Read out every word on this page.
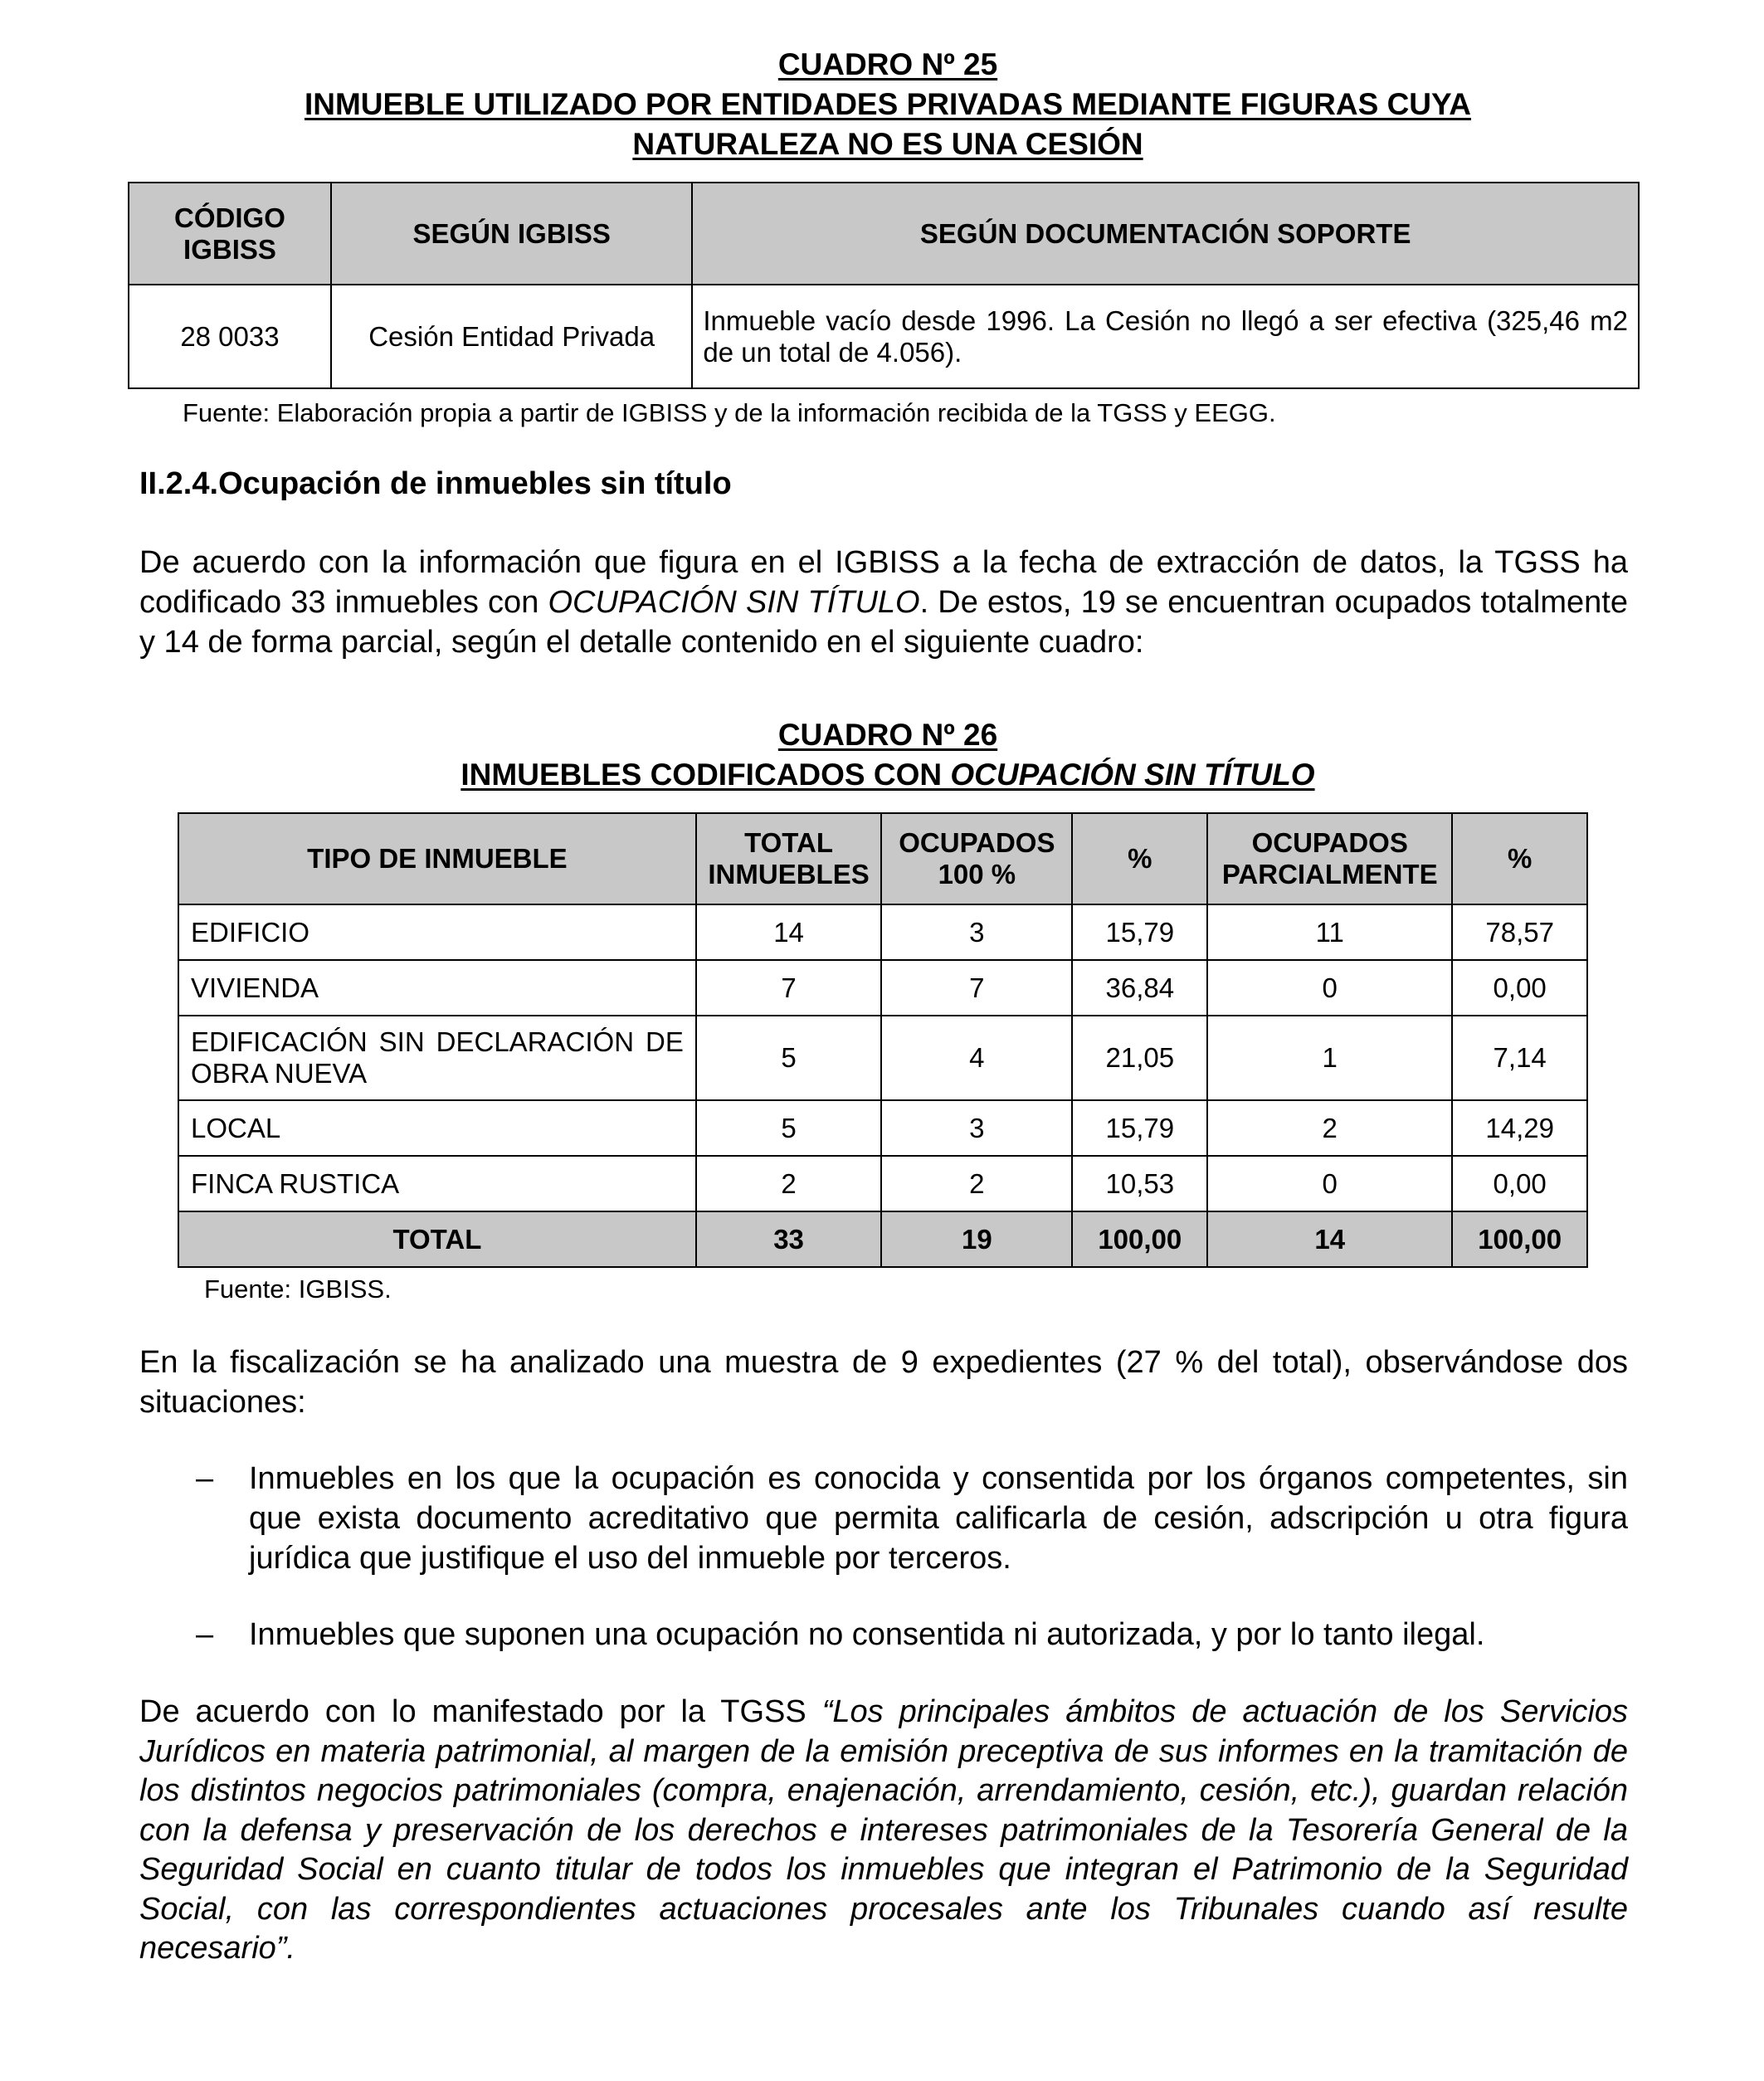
CUADRO Nº 25
INMUEBLE UTILIZADO POR ENTIDADES PRIVADAS MEDIANTE FIGURAS CUYA
NATURALEZA NO ES UNA CESIÓN
CÓDIGO IGBISS	SEGÚN IGBISS	SEGÚN DOCUMENTACIÓN SOPORTE
28 0033	Cesión Entidad Privada	Inmueble vacío desde 1996. La Cesión no llegó a ser efectiva (325,46 m2 de un total de 4.056).
Fuente: Elaboración propia a partir de IGBISS y de la información recibida de la TGSS y EEGG.
II.2.4.Ocupación de inmuebles sin título
De acuerdo con la información que figura en el IGBISS a la fecha de extracción de datos, la TGSS ha codificado 33 inmuebles con OCUPACIÓN SIN TÍTULO. De estos, 19 se encuentran ocupados totalmente y 14 de forma parcial, según el detalle contenido en el siguiente cuadro:
CUADRO Nº 26
INMUEBLES CODIFICADOS CON OCUPACIÓN SIN TÍTULO
TIPO DE INMUEBLE	TOTAL INMUEBLES	OCUPADOS 100 %	%	OCUPADOS PARCIALMENTE	%
EDIFICIO	14	3	15,79	11	78,57
VIVIENDA	7	7	36,84	0	0,00
EDIFICACIÓN SIN DECLARACIÓN DE OBRA NUEVA	5	4	21,05	1	7,14
LOCAL	5	3	15,79	2	14,29
FINCA RUSTICA	2	2	10,53	0	0,00
TOTAL	33	19	100,00	14	100,00
Fuente: IGBISS.
En la fiscalización se ha analizado una muestra de 9 expedientes (27 % del total), observándose dos situaciones:
– Inmuebles en los que la ocupación es conocida y consentida por los órganos competentes, sin que exista documento acreditativo que permita calificarla de cesión, adscripción u otra figura jurídica que justifique el uso del inmueble por terceros.
– Inmuebles que suponen una ocupación no consentida ni autorizada, y por lo tanto ilegal.
De acuerdo con lo manifestado por la TGSS “Los principales ámbitos de actuación de los Servicios Jurídicos en materia patrimonial, al margen de la emisión preceptiva de sus informes en la tramitación de los distintos negocios patrimoniales (compra, enajenación, arrendamiento, cesión, etc.), guardan relación con la defensa y preservación de los derechos e intereses patrimoniales de la Tesorería General de la Seguridad Social en cuanto titular de todos los inmuebles que integran el Patrimonio de la Seguridad Social, con las correspondientes actuaciones procesales ante los Tribunales cuando así resulte necesario”.
